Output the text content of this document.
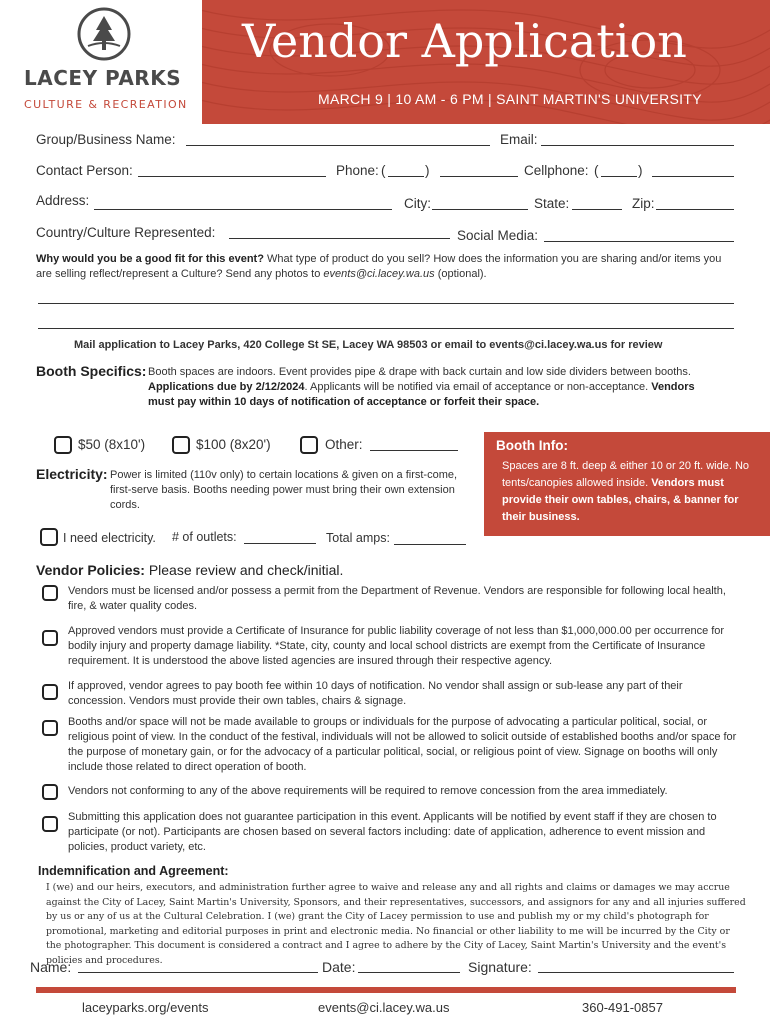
LACEY PARKS
CULTURE & RECREATION
Vendor Application
MARCH 9 | 10 AM - 6 PM | SAINT MARTIN'S UNIVERSITY
Group/Business Name:	Email:
Contact Person:	Phone: (	)	Cellphone: (	)
Address:	City:	State:	Zip:
Country/Culture Represented:	Social Media:
Why would you be a good fit for this event? What type of product do you sell? How does the information you are sharing and/or items you are selling reflect/represent a Culture? Send any photos to events@ci.lacey.wa.us (optional).
Mail application to Lacey Parks, 420 College St SE, Lacey WA 98503 or email to events@ci.lacey.wa.us for review
Booth Specifics: Booth spaces are indoors. Event provides pipe & drape with back curtain and low side dividers between booths. Applications due by 2/12/2024. Applicants will be notified via email of acceptance or non-acceptance. Vendors must pay within 10 days of notification of acceptance or forfeit their space.
$50 (8x10')	$100 (8x20')	Other:	Booth Info:
Spaces are 8 ft. deep & either 10 or 20 ft. wide. No tents/canopies allowed inside. Vendors must provide their own tables, chairs, & banner for their business.
Electricity: Power is limited (110v only) to certain locations & given on a first-come, first-serve basis. Booths needing power must bring their own extension cords.
I need electricity. # of outlets:	Total amps:
Vendor Policies: Please review and check/initial.
Vendors must be licensed and/or possess a permit from the Department of Revenue. Vendors are responsible for following local health, fire, & water quality codes.
Approved vendors must provide a Certificate of Insurance for public liability coverage of not less than $1,000,000.00 per occurrence for bodily injury and property damage liability. *State, city, county and local school districts are exempt from the Certificate of Insurance requirement. It is understood the above listed agencies are insured through their respective agency.
If approved, vendor agrees to pay booth fee within 10 days of notification. No vendor shall assign or sub-lease any part of their concession. Vendors must provide their own tables, chairs & signage.
Booths and/or space will not be made available to groups or individuals for the purpose of advocating a particular political, social, or religious point of view. In the conduct of the festival, individuals will not be allowed to solicit outside of established booths and/or space for the purpose of monetary gain, or for the advocacy of a particular political, social, or religious point of view. Signage on booths will only include those related to direct operation of booth.
Vendors not conforming to any of the above requirements will be required to remove concession from the area immediately.
Submitting this application does not guarantee participation in this event. Applicants will be notified by event staff if they are chosen to participate (or not). Participants are chosen based on several factors including: date of application, adherence to event mission and policies, product variety, etc.
Indemnification and Agreement:
I (we) and our heirs, executors, and administration further agree to waive and release any and all rights and claims or damages we may accrue against the City of Lacey, Saint Martin's University, Sponsors, and their representatives, successors, and assignors for any and all injuries suffered by us or any of us at the Cultural Celebration. I (we) grant the City of Lacey permission to use and publish my or my child's photograph for promotional, marketing and editorial purposes in print and electronic media. No financial or other liability to me will be incurred by the City or the photographer. This document is considered a contract and I agree to adhere by the City of Lacey, Saint Martin's University and the event's policies and procedures.
Name:	Date:	Signature:
laceyparks.org/events	events@ci.lacey.wa.us	360-491-0857
